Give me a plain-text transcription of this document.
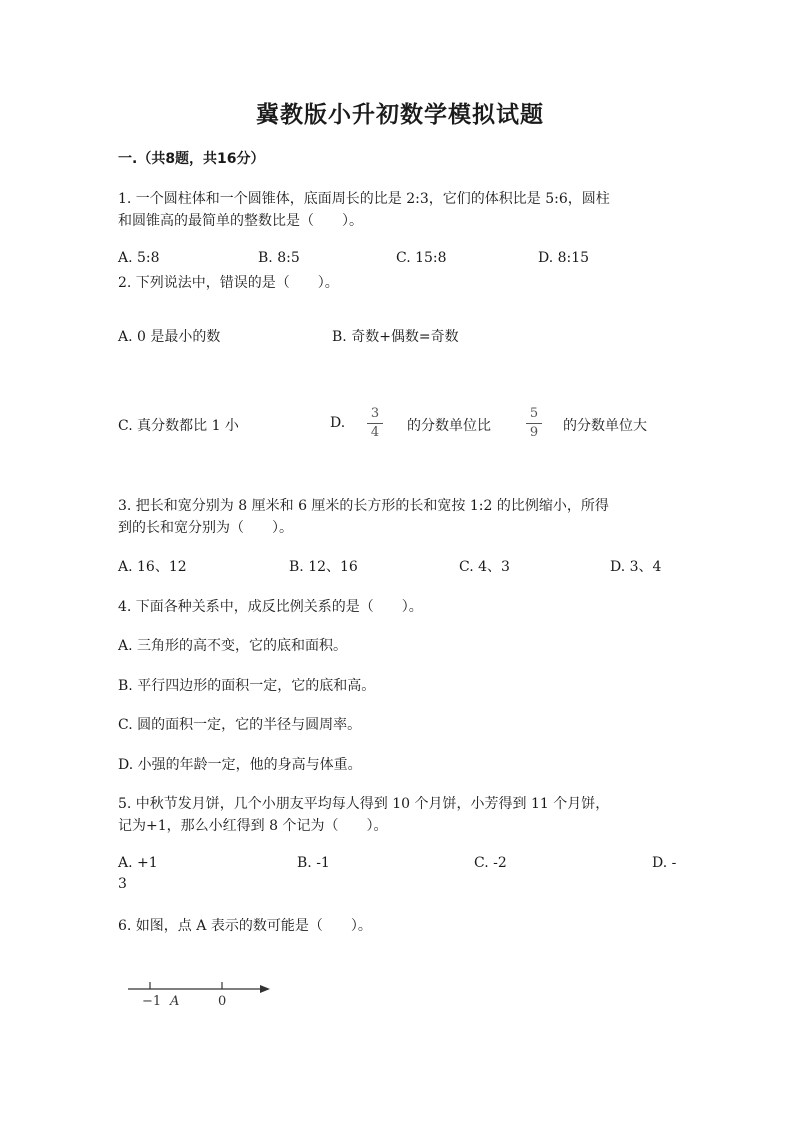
冀教版小升初数学模拟试题
一.（共8题，共16分）
1. 一个圆柱体和一个圆锥体，底面周长的比是 2:3，它们的体积比是 5:6，圆柱
和圆锥高的最简单的整数比是（　　）。
A. 5:8	B. 8:5	C. 15:8	D. 8:15
2. 下列说法中，错误的是（　　）。
A. 0 是最小的数	B. 奇数+偶数=奇数
C. 真分数都比 1 小	D.
3
4	的分数单位比
5
9	的分数单位大
3. 把长和宽分别为 8 厘米和 6 厘米的长方形的长和宽按 1:2 的比例缩小，所得
到的长和宽分别为（　　）。
A. 16、12	B. 12、16	C. 4、3	D. 3、4
4. 下面各种关系中，成反比例关系的是（　　）。
A. 三角形的高不变，它的底和面积。
B. 平行四边形的面积一定，它的底和高。
C. 圆的面积一定，它的半径与圆周率。
D. 小强的年龄一定，他的身高与体重。
5. 中秋节发月饼，几个小朋友平均每人得到 10 个月饼，小芳得到 11 个月饼，
记为+1，那么小红得到 8 个记为（　　）。
A. +1	B. -1	C. -2	D. -
3
6. 如图，点 A 表示的数可能是（　　）。
−1 A	0
